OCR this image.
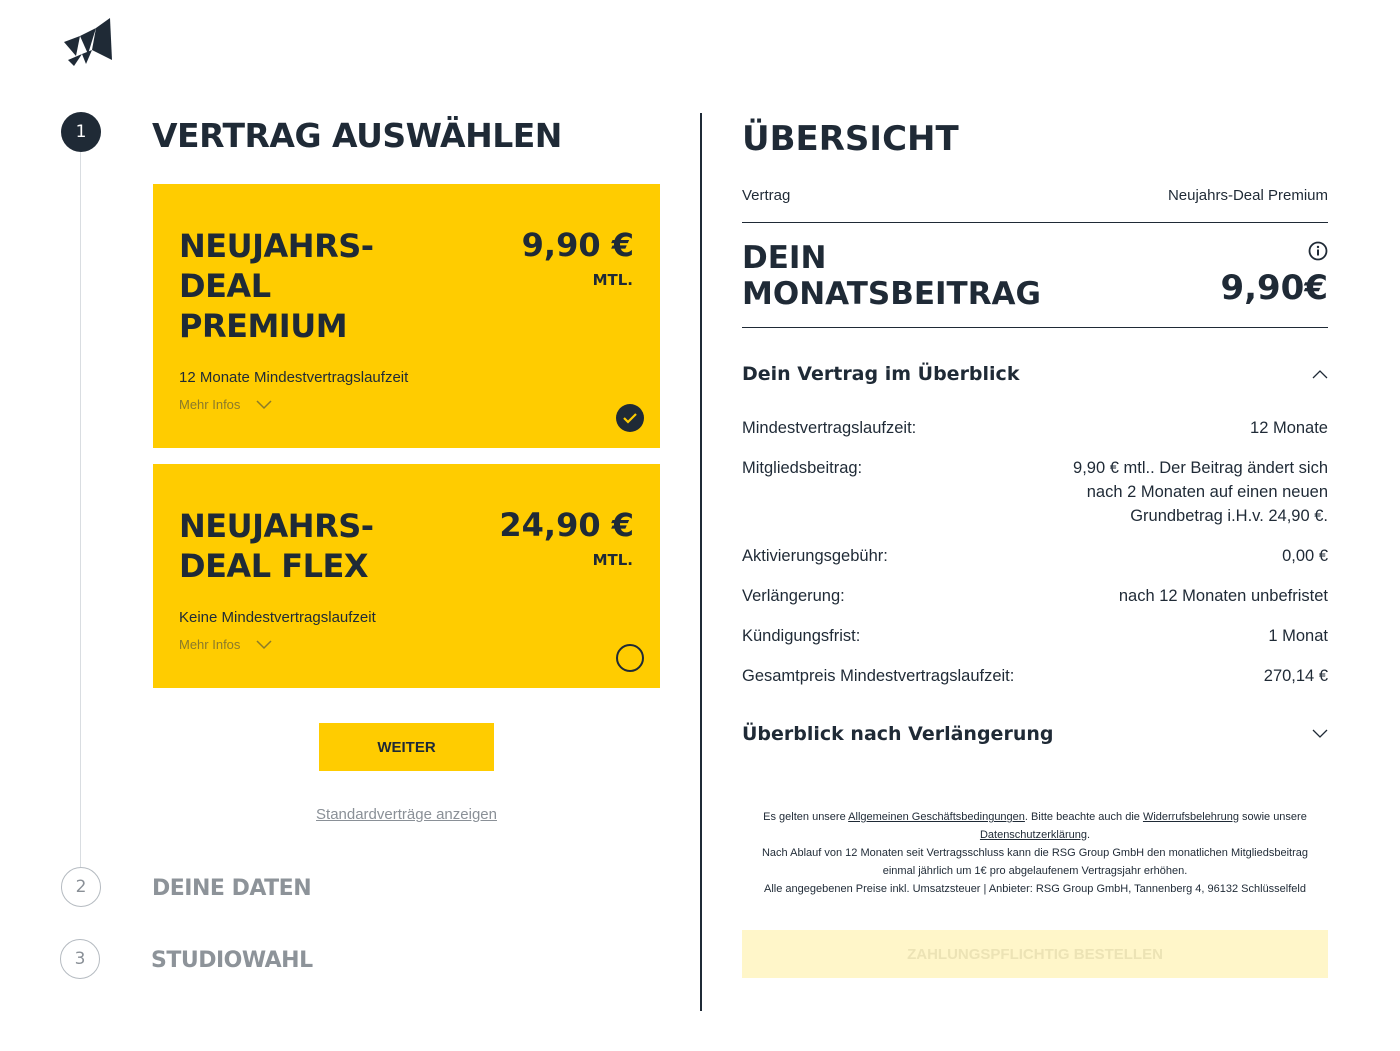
1	VERTRAG AUSWÄHLEN
2	DEINE DATEN
3	STUDIOWAHL
NEUJAHRS-
DEAL
PREMIUM
9,90 €
MTL.
12 Monate Mindestvertragslaufzeit
Mehr Infos
NEUJAHRS-
DEAL FLEX
24,90 €
MTL.
Keine Mindestvertragslaufzeit
Mehr Infos
WEITER
Standardverträge anzeigen
ÜBERSICHT
Vertrag	Neujahrs-Deal Premium
DEIN
MONATSBEITRAG	9,90€
Dein Vertrag im Überblick
Mindestvertragslaufzeit:	12 Monate
Mitgliedsbeitrag:	9,90 € mtl.. Der Beitrag ändert sich
nach 2 Monaten auf einen neuen
Grundbetrag i.H.v. 24,90 €.
Aktivierungsgebühr:	0,00 €
Verlängerung:	nach 12 Monaten unbefristet
Kündigungsfrist:	1 Monat
Gesamtpreis Mindestvertragslaufzeit:	270,14 €
Überblick nach Verlängerung
Es gelten unsere Allgemeinen Geschäftsbedingungen. Bitte beachte auch die Widerrufsbelehrung sowie unsere
Datenschutzerklärung.
Nach Ablauf von 12 Monaten seit Vertragsschluss kann die RSG Group GmbH den monatlichen Mitgliedsbeitrag
einmal jährlich um 1€ pro abgelaufenem Vertragsjahr erhöhen.
Alle angegebenen Preise inkl. Umsatzsteuer | Anbieter: RSG Group GmbH, Tannenberg 4, 96132 Schlüsselfeld
ZAHLUNGSPFLICHTIG BESTELLEN
